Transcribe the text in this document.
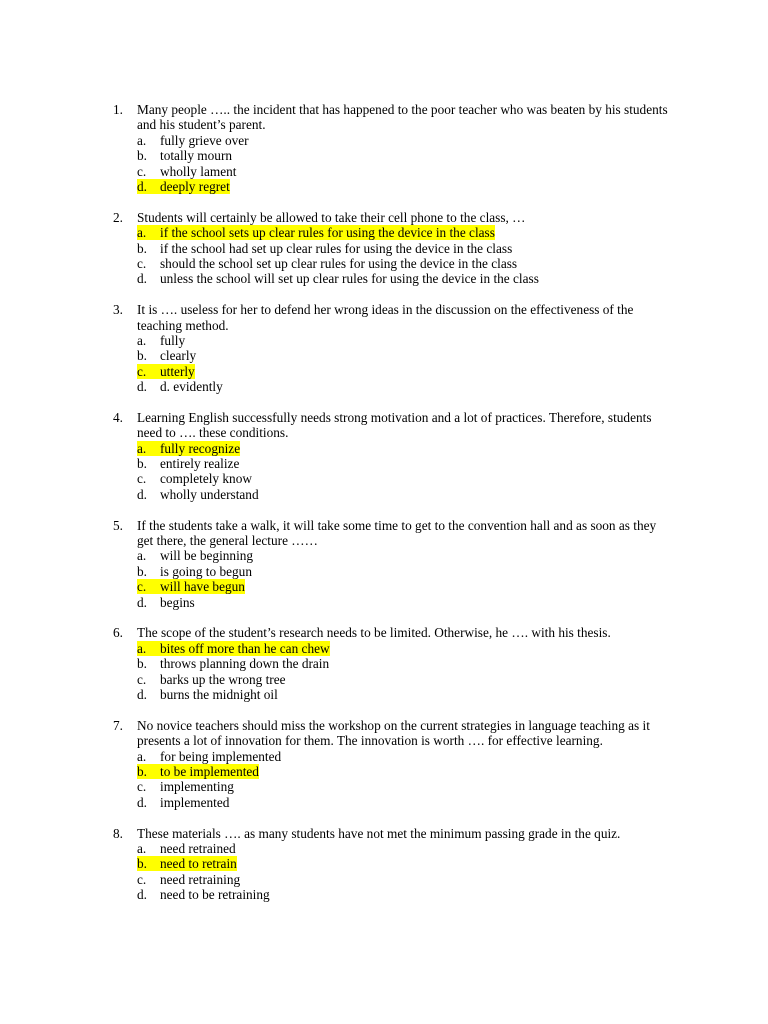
1. Many people ….. the incident that has happened to the poor teacher who was beaten by his students and his student’s parent.
a. fully grieve over
b. totally mourn
c. wholly lament
d. deeply regret
2. Students will certainly be allowed to take their cell phone to the class, …
a. if the school sets up clear rules for using the device in the class
b. if the school had set up clear rules for using the device in the class
c. should the school set up clear rules for using the device in the class
d. unless the school will set up clear rules for using the device in the class
3. It is …. useless for her to defend her wrong ideas in the discussion on the effectiveness of the teaching method.
a. fully
b. clearly
c. utterly
d. d. evidently
4. Learning English successfully needs strong motivation and a lot of practices. Therefore, students need to …. these conditions.
a. fully recognize
b. entirely realize
c. completely know
d. wholly understand
5. If the students take a walk, it will take some time to get to the convention hall and as soon as they get there, the general lecture ……
a. will be beginning
b. is going to begun
c. will have begun
d. begins
6. The scope of the student’s research needs to be limited. Otherwise, he …. with his thesis.
a. bites off more than he can chew
b. throws planning down the drain
c. barks up the wrong tree
d. burns the midnight oil
7. No novice teachers should miss the workshop on the current strategies in language teaching as it presents a lot of innovation for them. The innovation is worth …. for effective learning.
a. for being implemented
b. to be implemented
c. implementing
d. implemented
8. These materials …. as many students have not met the minimum passing grade in the quiz.
a. need retrained
b. need to retrain
c. need retraining
d. need to be retraining
